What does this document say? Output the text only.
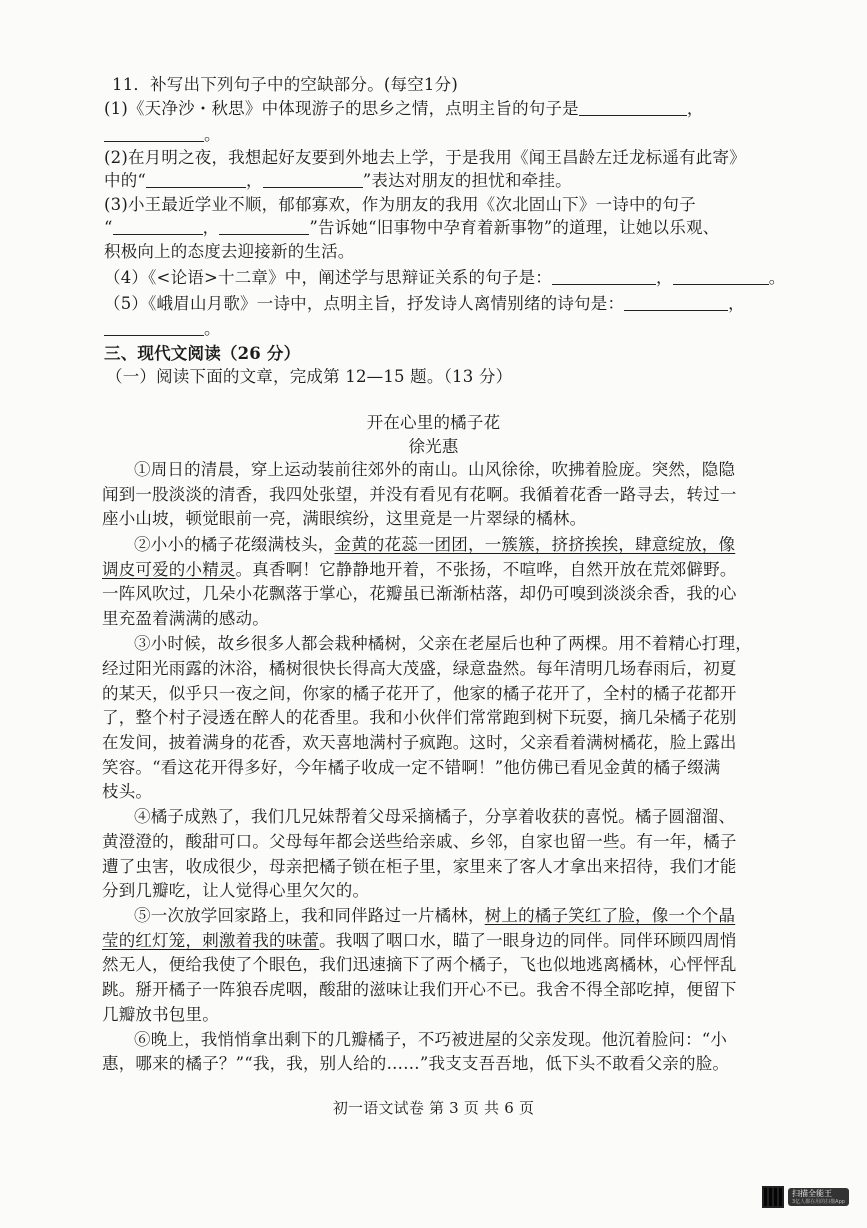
11．补写出下列句子中的空缺部分。(每空1分)
(1)《天净沙・秋思》中体现游子的思乡之情，点明主旨的句子是	，
。
(2)在月明之夜，我想起好友要到外地去上学，于是我用《闻王昌龄左迁龙标遥有此寄》
中的“	，	”表达对朋友的担忧和牵挂。
(3)小王最近学业不顺，郁郁寡欢，作为朋友的我用《次北固山下》一诗中的句子
“	，	”告诉她“旧事物中孕育着新事物”的道理，让她以乐观、
积极向上的态度去迎接新的生活。
（4）《<论语>十二章》中，阐述学与思辩证关系的句子是：	，	。
（5）《峨眉山月歌》一诗中，点明主旨，抒发诗人离情别绪的诗句是：	，
。
三、现代文阅读（26 分）
（一）阅读下面的文章，完成第 12—15 题。（13 分）
开在心里的橘子花
徐光惠
①周日的清晨，穿上运动装前往郊外的南山。山风徐徐，吹拂着脸庞。突然，隐隐
闻到一股淡淡的清香，我四处张望，并没有看见有花啊。我循着花香一路寻去，转过一
座小山坡，顿觉眼前一亮，满眼缤纷，这里竟是一片翠绿的橘林。
②小小的橘子花缀满枝头，金黄的花蕊一团团，一簇簇，挤挤挨挨，肆意绽放，像
调皮可爱的小精灵。真香啊！它静静地开着，不张扬，不喧哗，自然开放在荒郊僻野。
一阵风吹过，几朵小花飘落于掌心，花瓣虽已渐渐枯落，却仍可嗅到淡淡余香，我的心
里充盈着满满的感动。
③小时候，故乡很多人都会栽种橘树，父亲在老屋后也种了两棵。用不着精心打理，
经过阳光雨露的沐浴，橘树很快长得高大茂盛，绿意盎然。每年清明几场春雨后，初夏
的某天，似乎只一夜之间，你家的橘子花开了，他家的橘子花开了，全村的橘子花都开
了，整个村子浸透在醉人的花香里。我和小伙伴们常常跑到树下玩耍，摘几朵橘子花别
在发间，披着满身的花香，欢天喜地满村子疯跑。这时，父亲看着满树橘花，脸上露出
笑容。“看这花开得多好，今年橘子收成一定不错啊！”他仿佛已看见金黄的橘子缀满
枝头。
④橘子成熟了，我们几兄妹帮着父母采摘橘子，分享着收获的喜悦。橘子圆溜溜、
黄澄澄的，酸甜可口。父母每年都会送些给亲戚、乡邻，自家也留一些。有一年，橘子
遭了虫害，收成很少，母亲把橘子锁在柜子里，家里来了客人才拿出来招待，我们才能
分到几瓣吃，让人觉得心里欠欠的。
⑤一次放学回家路上，我和同伴路过一片橘林，树上的橘子笑红了脸，像一个个晶
莹的红灯笼，刺激着我的味蕾。我咽了咽口水，瞄了一眼身边的同伴。同伴环顾四周悄
然无人，便给我使了个眼色，我们迅速摘下了两个橘子，飞也似地逃离橘林，心怦怦乱
跳。掰开橘子一阵狼吞虎咽，酸甜的滋味让我们开心不已。我舍不得全部吃掉，便留下
几瓣放书包里。
⑥晚上，我悄悄拿出剩下的几瓣橘子，不巧被进屋的父亲发现。他沉着脸问：“小
惠，哪来的橘子？”“我，我，别人给的……”我支支吾吾地，低下头不敢看父亲的脸。
初一语文试卷 第 3 页 共 6 页
扫描全能王
3亿人都在用的扫描App
